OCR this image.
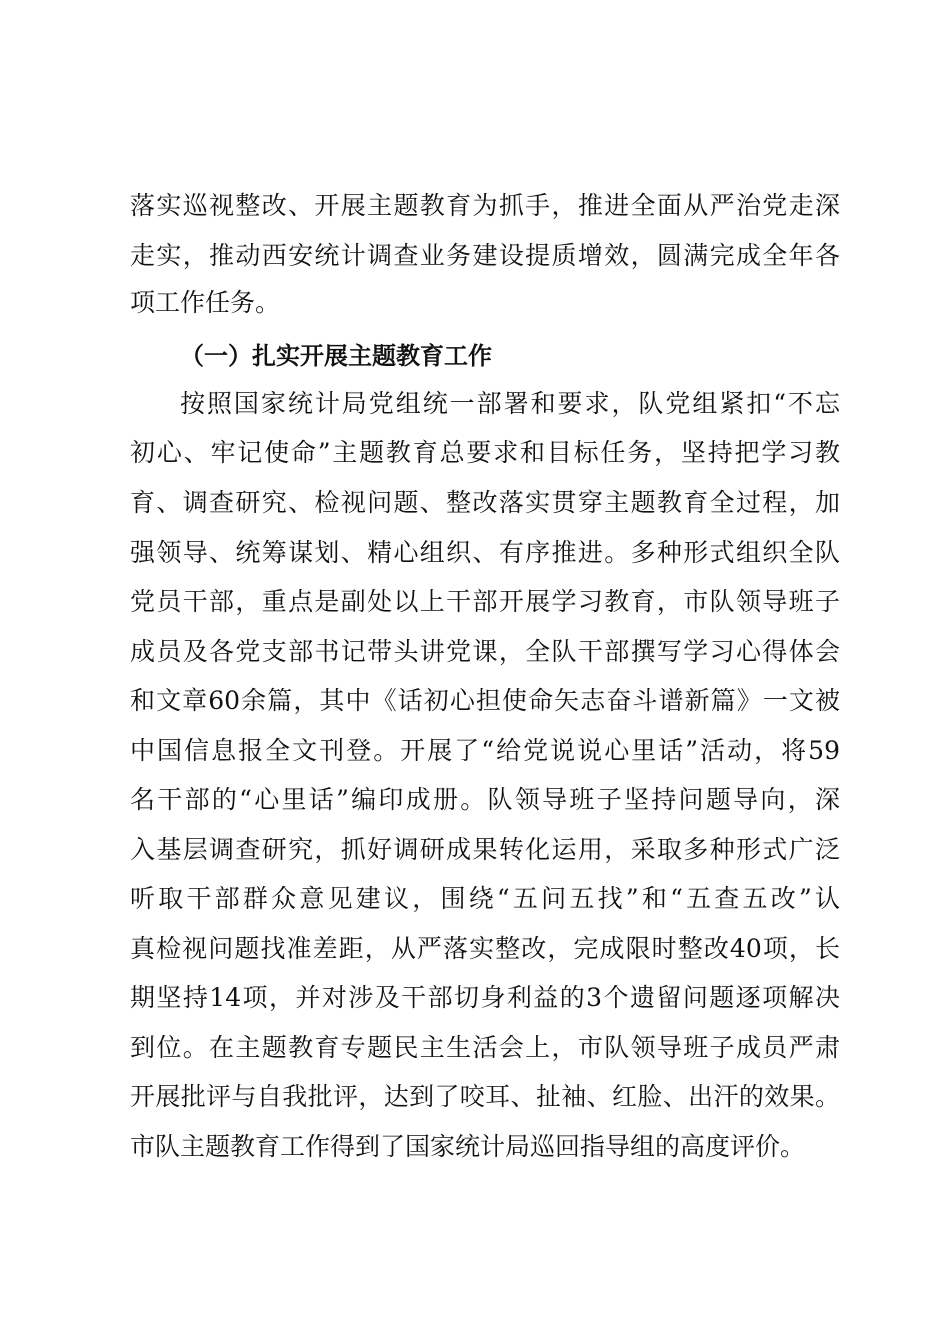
落实巡视整改、开展主题教育为抓手，推进全面从严治党走深
走实，推动西安统计调查业务建设提质增效，圆满完成全年各
项工作任务。
（一）扎实开展主题教育工作
按照国家统计局党组统一部署和要求，队党组紧扣“不忘
初心、牢记使命”主题教育总要求和目标任务，坚持把学习教
育、调查研究、检视问题、整改落实贯穿主题教育全过程，加
强领导、统筹谋划、精心组织、有序推进。多种形式组织全队
党员干部，重点是副处以上干部开展学习教育，市队领导班子
成员及各党支部书记带头讲党课，全队干部撰写学习心得体会
和文章60余篇，其中《话初心担使命矢志奋斗谱新篇》一文被
中国信息报全文刊登。开展了“给党说说心里话”活动，将59
名干部的“心里话”编印成册。队领导班子坚持问题导向，深
入基层调查研究，抓好调研成果转化运用，采取多种形式广泛
听取干部群众意见建议，围绕“五问五找”和“五查五改”认
真检视问题找准差距，从严落实整改，完成限时整改40项，长
期坚持14项，并对涉及干部切身利益的3个遗留问题逐项解决
到位。在主题教育专题民主生活会上，市队领导班子成员严肃
开展批评与自我批评，达到了咬耳、扯袖、红脸、出汗的效果。
市队主题教育工作得到了国家统计局巡回指导组的高度评价。
